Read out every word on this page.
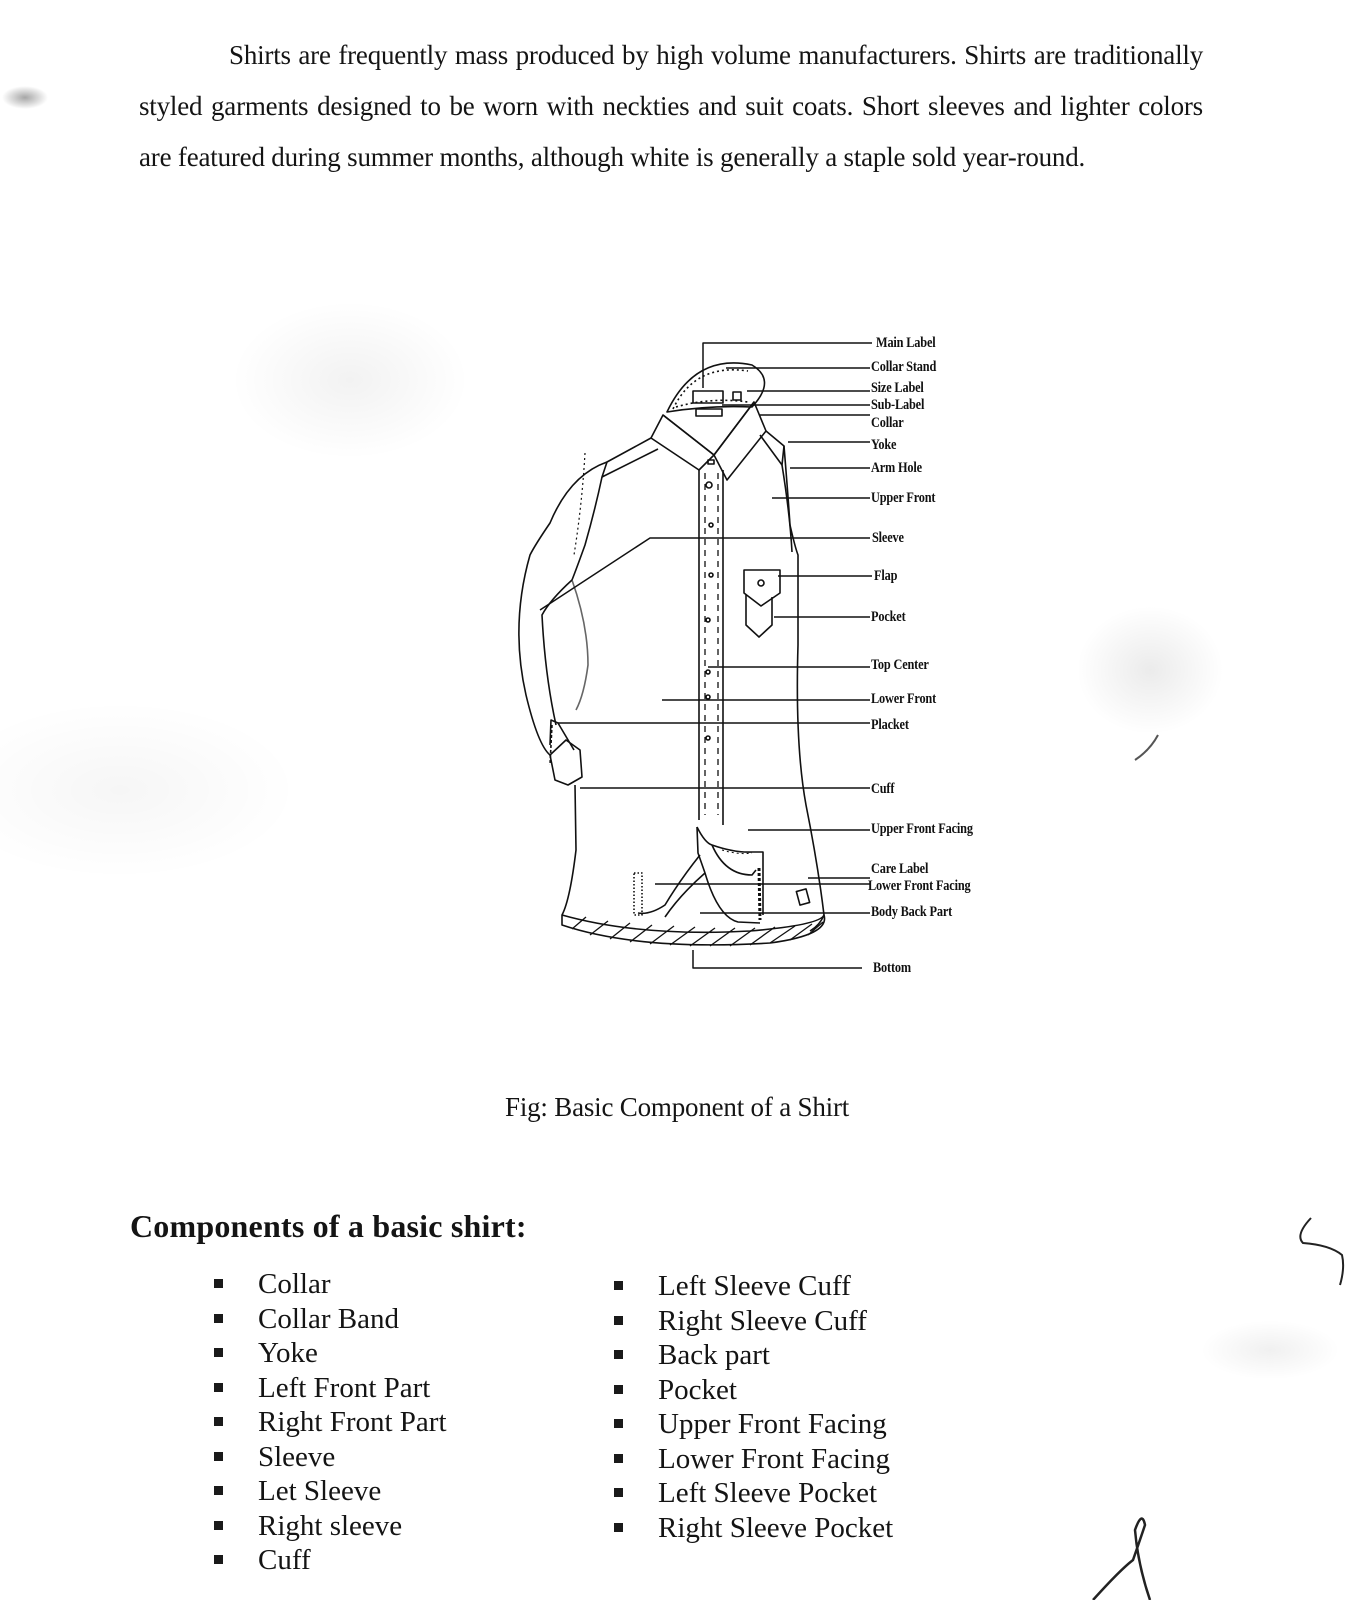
Shirts are frequently mass produced by high volume manufacturers. Shirts are traditionally styled garments designed to be worn with neckties and suit coats. Short sleeves and lighter colors are featured during summer months, although white is generally a staple sold year-round.
Main Label
Collar Stand
Size Label
Sub-Label
Collar
Yoke
Arm Hole
Upper Front
Sleeve
Flap
Pocket
Top Center
Lower Front
Placket
Cuff
Upper Front Facing
Care Label
Lower Front Facing
Body Back Part
Bottom
Fig: Basic Component of a Shirt
Components of a basic shirt:
Collar
Collar Band
Yoke
Left Front Part
Right Front Part
Sleeve
Let Sleeve
Right sleeve
Cuff
Left Sleeve Cuff
Right Sleeve Cuff
Back part
Pocket
Upper Front Facing
Lower Front Facing
Left Sleeve Pocket
Right Sleeve Pocket
